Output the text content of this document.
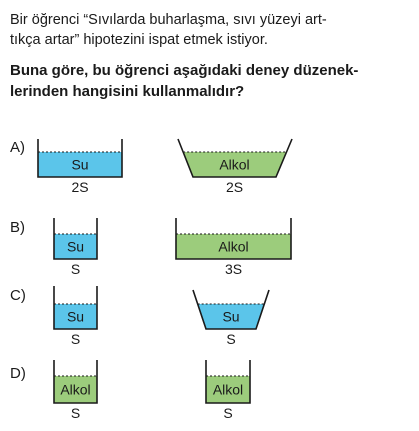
Bir öğrenci “Sıvılarda buharlaşma, sıvı yüzeyi art-
tıkça artar” hipotezini ispat etmek istiyor.
Buna göre, bu öğrenci aşağıdaki deney düzenek-
lerinden hangisini kullanmalıdır?
A)
B)
C)
D)
Su
2S
Alkol
2S
Su
S
Alkol
3S
Su
S
Su
S
Alkol
S
Alkol
S
